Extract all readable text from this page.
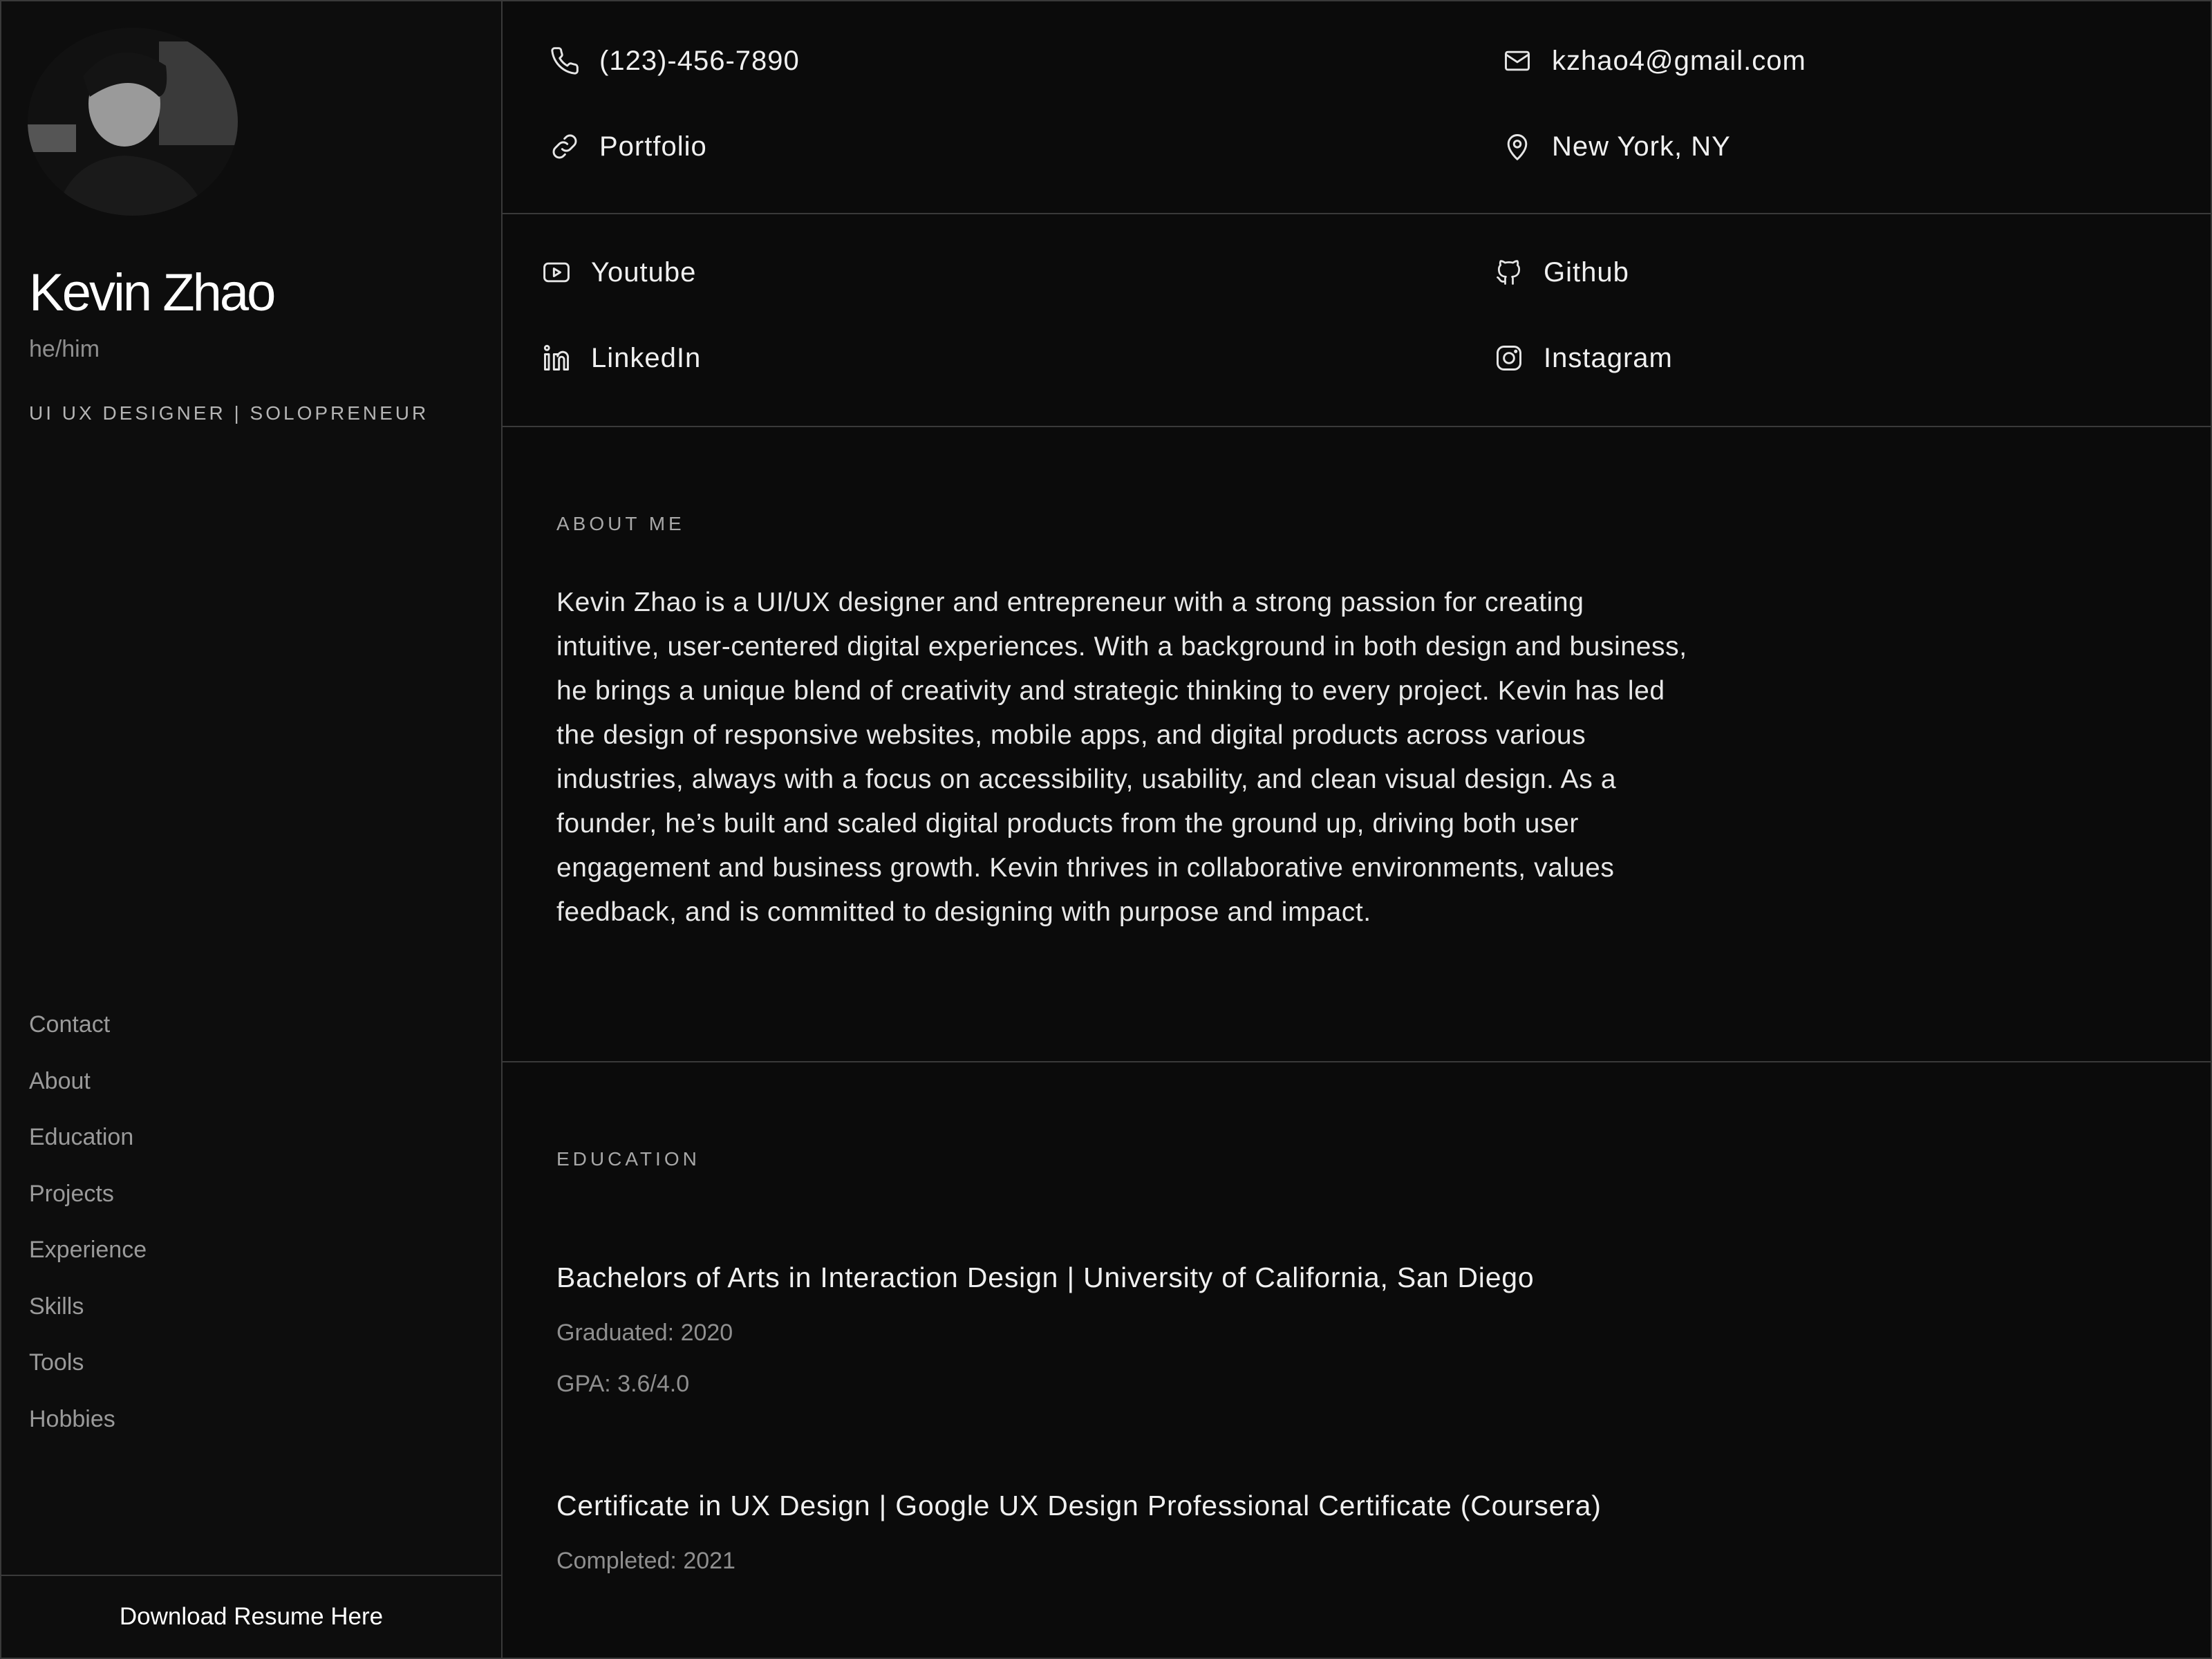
Kevin Zhao
he/him
UI UX DESIGNER | SOLOPRENEUR
Contact
About
Education
Projects
Experience
Skills
Tools
Hobbies
Download Resume Here
(123)-456-7890	kzhao4@gmail.com
Portfolio	New York, NY
Youtube	Github
LinkedIn	Instagram
ABOUT ME

Kevin Zhao is a UI/UX designer and entrepreneur with a strong passion for creating intuitive, user-centered digital experiences. With a background in both design and business, he brings a unique blend of creativity and strategic thinking to every project. Kevin has led the design of responsive websites, mobile apps, and digital products across various industries, always with a focus on accessibility, usability, and clean visual design. As a founder, he’s built and scaled digital products from the ground up, driving both user engagement and business growth. Kevin thrives in collaborative environments, values feedback, and is committed to designing with purpose and impact.

EDUCATION
Bachelors of Arts in Interaction Design | University of California, San Diego
Graduated: 2020
GPA: 3.6/4.0
Certificate in UX Design | Google UX Design Professional Certificate (Coursera)
Completed: 2021
